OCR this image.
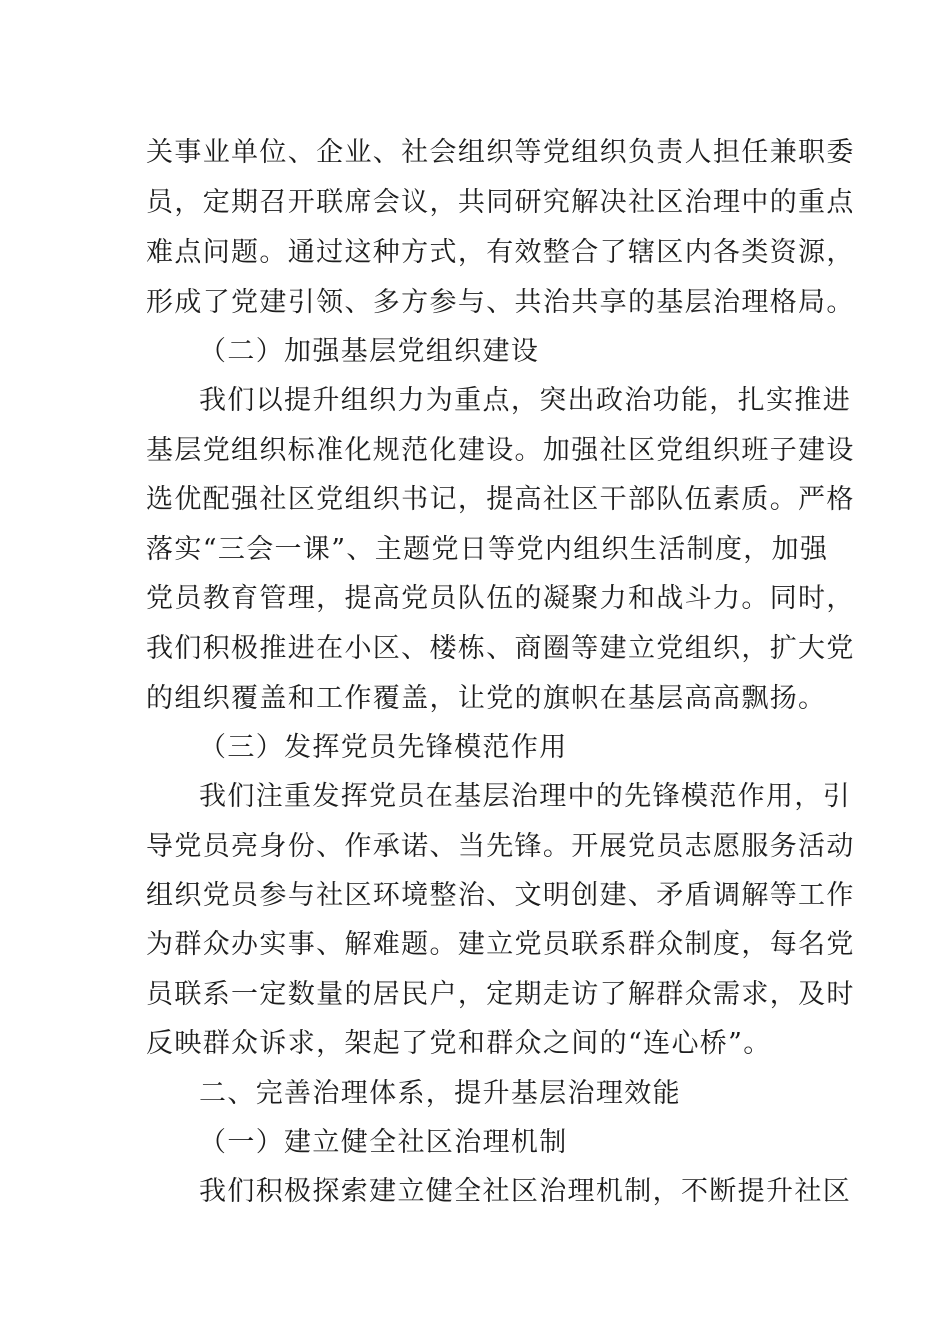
关事业单位、企业、社会组织等党组织负责人担任兼职委
员，定期召开联席会议，共同研究解决社区治理中的重点
难点问题。通过这种方式，有效整合了辖区内各类资源，
形成了党建引领、多方参与、共治共享的基层治理格局。
（二）加强基层党组织建设
我们以提升组织力为重点，突出政治功能，扎实推进
基层党组织标准化规范化建设。加强社区党组织班子建设
选优配强社区党组织书记，提高社区干部队伍素质。严格
落实“三会一课”、主题党日等党内组织生活制度，加强
党员教育管理，提高党员队伍的凝聚力和战斗力。同时，
我们积极推进在小区、楼栋、商圈等建立党组织，扩大党
的组织覆盖和工作覆盖，让党的旗帜在基层高高飘扬。
（三）发挥党员先锋模范作用
我们注重发挥党员在基层治理中的先锋模范作用，引
导党员亮身份、作承诺、当先锋。开展党员志愿服务活动
组织党员参与社区环境整治、文明创建、矛盾调解等工作
为群众办实事、解难题。建立党员联系群众制度，每名党
员联系一定数量的居民户，定期走访了解群众需求，及时
反映群众诉求，架起了党和群众之间的“连心桥”。
二、完善治理体系，提升基层治理效能
（一）建立健全社区治理机制
我们积极探索建立健全社区治理机制，不断提升社区
